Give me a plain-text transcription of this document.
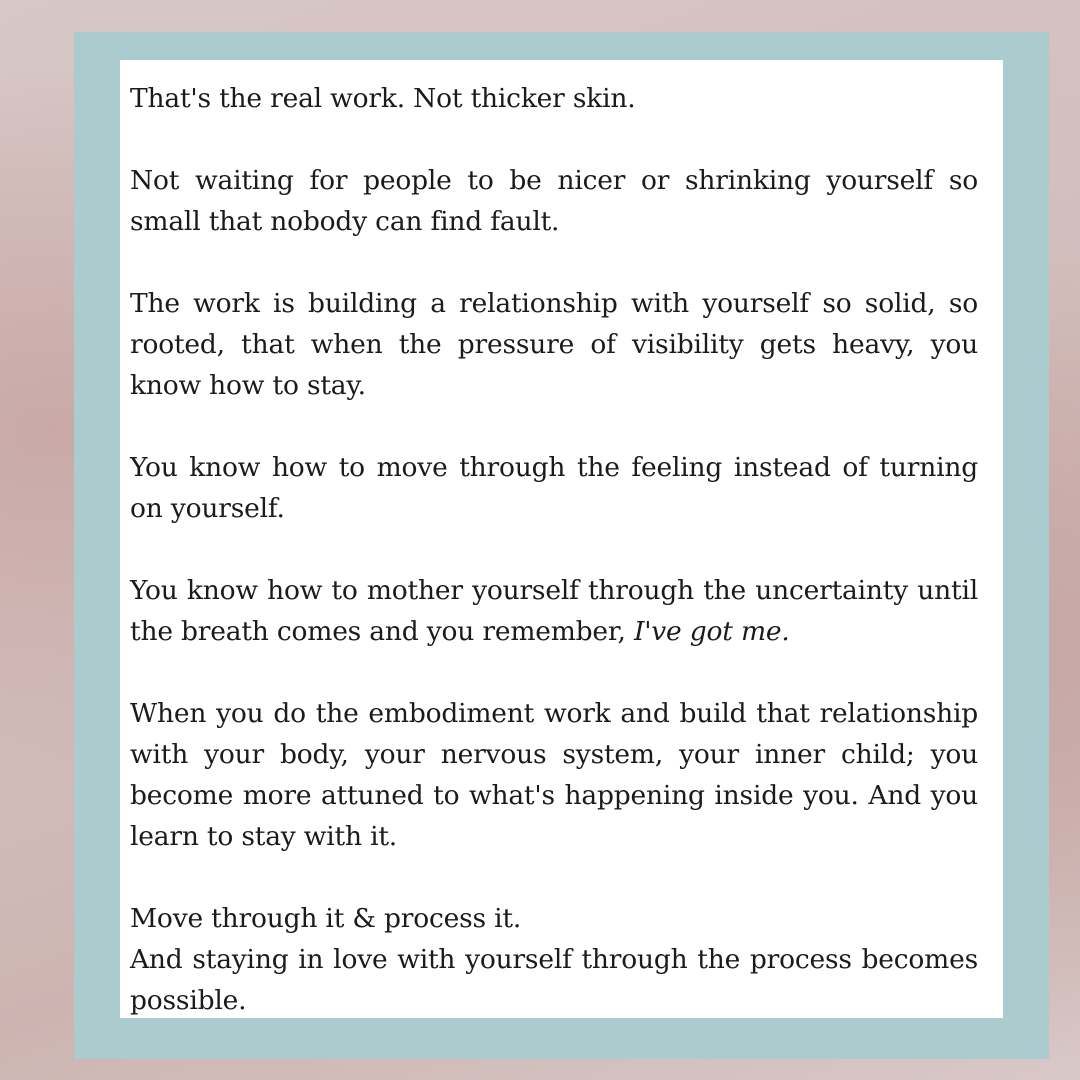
That's the real work. Not thicker skin.

Not waiting for people to be nicer or shrinking yourself so small that nobody can find fault.

The work is building a relationship with yourself so solid, so rooted, that when the pressure of visibility gets heavy, you know how to stay.

You know how to move through the feeling instead of turning on yourself.

You know how to mother yourself through the uncertainty until the breath comes and you remember, I've got me.

When you do the embodiment work and build that relationship with your body, your nervous system, your inner child; you become more attuned to what's happening inside you. And you learn to stay with it.

Move through it & process it.

And staying in love with yourself through the process becomes possible.
